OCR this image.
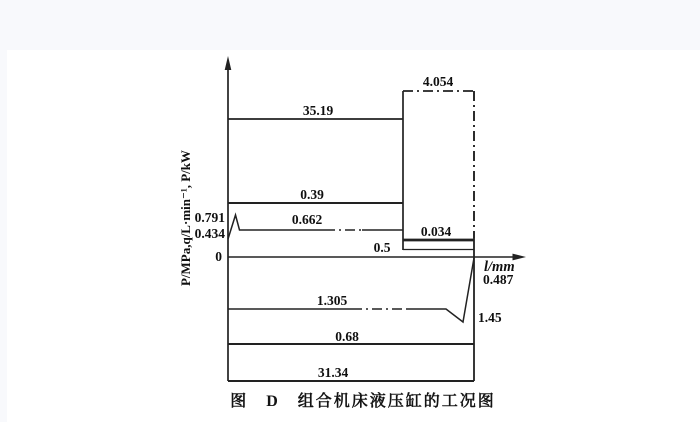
35.19
4.054
0.39
0.791
0.434
0.662
0.034
0.5
0
0.487
1.305
1.45
0.68
31.34
l/mm
P/MPa,q/L·min⁻¹, P/kW
图　D　组合机床液压缸的工况图
